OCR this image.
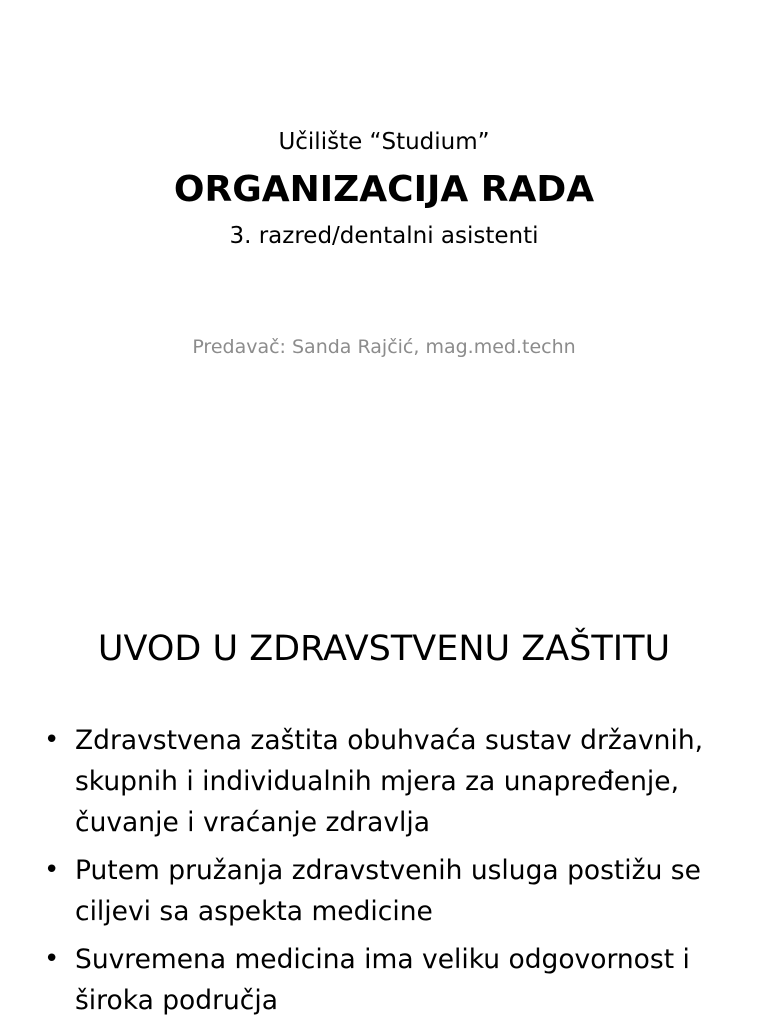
Učilište “Studium”
ORGANIZACIJA RADA
3. razred/dentalni asistenti
Predavač: Sanda Rajčić, mag.med.techn
UVOD U ZDRAVSTVENU ZAŠTITU
• Zdravstvena zaštita obuhvaća sustav državnih, skupnih i individualnih mjera za unapređenje, čuvanje i vraćanje zdravlja
• Putem pružanja zdravstvenih usluga postižu se ciljevi sa aspekta medicine
• Suvremena medicina ima veliku odgovornost i široka područja
